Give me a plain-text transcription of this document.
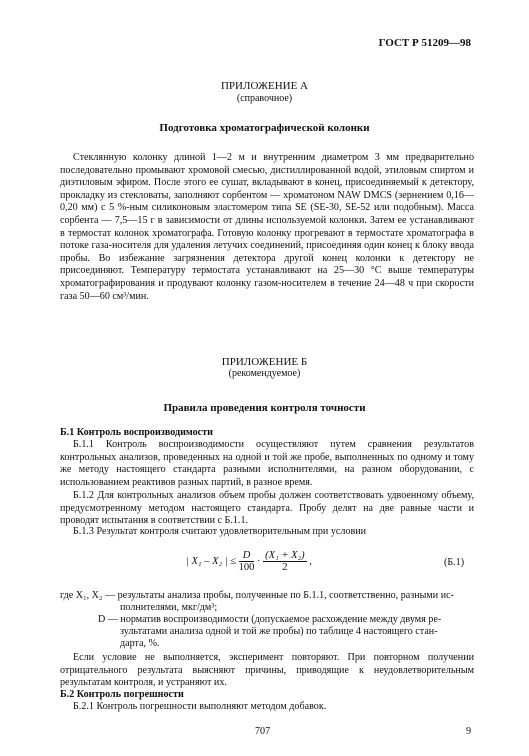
ГОСТ Р 51209—98
ПРИЛОЖЕНИЕ А
(справочное)
Подготовка хроматографической колонки
Стеклянную колонку длиной 1—2 м и внутренним диаметром 3 мм предварительно последовательно промывают хромовой смесью, дистиллированной водой, этиловым спиртом и диэтиловым эфиром. После этого ее сушат, вкладывают в конец, присоединяемый к детектору, прокладку из стекловаты, заполняют сорбентом — хроматоном NAW DMCS (зернением 0,16—0,20 мм) с 5 %-ным силиконовым эластомером типа SE (SE-30, SE-52 или подобным). Масса сорбента — 7,5—15 г в зависимости от длины используемой колонки. Затем ее устанавливают в термостат колонок хроматографа. Готовую колонку прогревают в термостате хроматографа в потоке газа-носителя для удаления летучих соединений, присоединяя один конец к блоку ввода пробы. Во избежание загрязнения детектора другой конец колонки к детектору не присоединяют. Температуру термостата устанавливают на 25—30 °С выше температуры хроматографирования и продувают колонку газом-носителем в течение 24—48 ч при скорости газа 50—60 см³/мин.
ПРИЛОЖЕНИЕ Б
(рекомендуемое)
Правила проведения контроля точности
Б.1 Контроль воспроизводимости
Б.1.1 Контроль воспроизводимости осуществляют путем сравнения результатов контрольных анализов, проведенных на одной и той же пробе, выполненных по одному и тому же методу настоящего стандарта разными исполнителями, на разном оборудовании, с использованием реактивов разных партий, в разное время.
Б.1.2 Для контрольных анализов объем пробы должен соответствовать удвоенному объему, предусмотренному методом настоящего стандарта. Пробу делят на две равные части и проводят испытания в соответствии с Б.1.1.
Б.1.3 Результат контроля считают удовлетворительным при условии
| X₁ – X₂ | ≤ $\frac{D}{100} \cdot \frac{\text{(X₁ + X₂)}}{2}$ ,	(Б.1)
где X₁, X₂ — результаты анализа пробы, полученные по Б.1.1, соответственно, разными ис-
полнителями, мкг/дм³;
D — норматив воспроизводимости (допускаемое расхождение между двумя ре-
зультатами анализа одной и той же пробы) по таблице 4 настоящего стан-
дарта, %.
Если условие не выполняется, эксперимент повторяют. При повторном получении отрицательного результата выясняют причины, приводящие к неудовлетворительным результатам контроля, и устраняют их.
Б.2 Контроль погрешности
Б.2.1 Контроль погрешности выполняют методом добавок.
707	9
